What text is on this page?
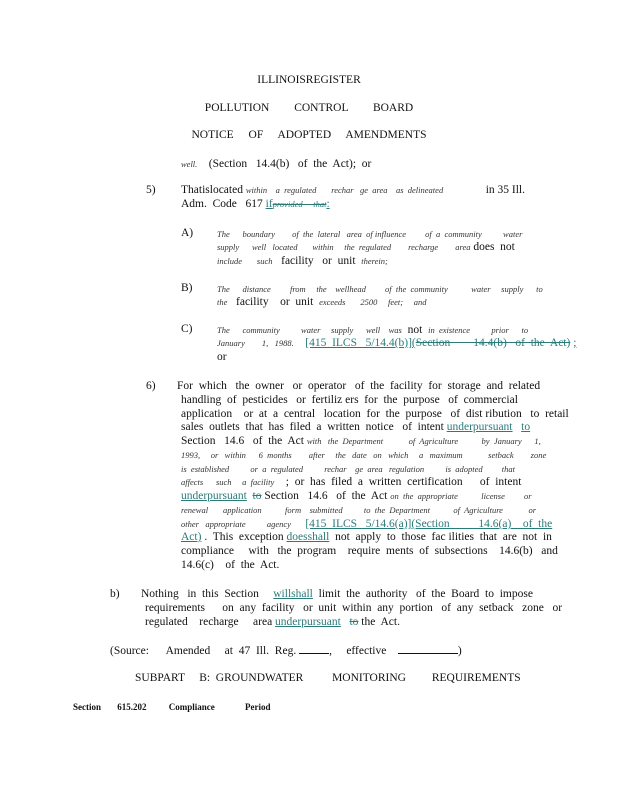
ILLINOISREGISTER
POLLUTION CONTROL BOARD
NOTICE OF ADOPTED AMENDMENTS
well. (Section   14.4(b)   of  the  Act);  or
5) Thatislocated within    a  regulated       rechar   ge  area    as  delineated	in 35 Ill.
Adm.  Code   617 ifprovided     that:
A)	The      boundary        of  the  lateral   area  of influence         of  a  community          water
supply      well   located       within     the  regulated        recharge        area does  not
include       such facility   or  unit therein;
B)	The      distance         from     the    wellhead         of  the  community           water     supply      to
the facility    or  unit exceeds       2500     feet;     and
C)	The      community          water     supply      well    was not in  existence          prior      to
January        1,   1988. [415  ILCS   5/14.4(b)](Section        14.4(b)   of  the  Act) ;
or
6) For  which   the  owner   or  operator   of  the  facility  for  storage  and  related
handling  of  pesticides   or  fertiliz ers  for  the  purpose   of  commercial
application    or  at  a  central   location  for  the  purpose   of  dist ribution   to  retail
sales  outlets  that  has  filed  a  written  notice   of  intent underpursuant to
Section   14.6   of  the  Act with   the  Department            of  Agriculture           by  January      1,
1993,     or   within      6  months        after     the   date   on   which     a   maximum            setback        zone
is  established          or  a  regulated          rechar    ge  area   regulation          is  adopted         that
affects      such     a  facility ;  or  has  filed  a  written  certification      of  intent
underpursuant to Section   14.6   of  the  Act on  the  appropriate           license         or
renewal       application           form    submitted          to  the  Department           of  Agriculture            or
other   appropriate          agency [415  ILCS   5/14.6(a)](Section          14.6(a)    of  the
Act) .  This  exception doesshall not  apply  to  those  fac ilities  that  are  not  in
compliance     with   the  program    require  ments  of  subsections    14.6(b)   and
14.6(c)    of  the  Act.
b) Nothing   in  this  Section willshall limit  the  authority   of  the  Board  to  impose
requirements      on  any  facility   or  unit  within  any  portion   of  any  setback   zone   or
regulated    recharge     area underpursuant to the  Act.
(Source:      Amended     at  47  Ill.  Reg.	,     effective	)
SUBPART     B:  GROUNDWATER          MONITORING         REQUIREMENTS
Section 615.202 Compliance	Period
